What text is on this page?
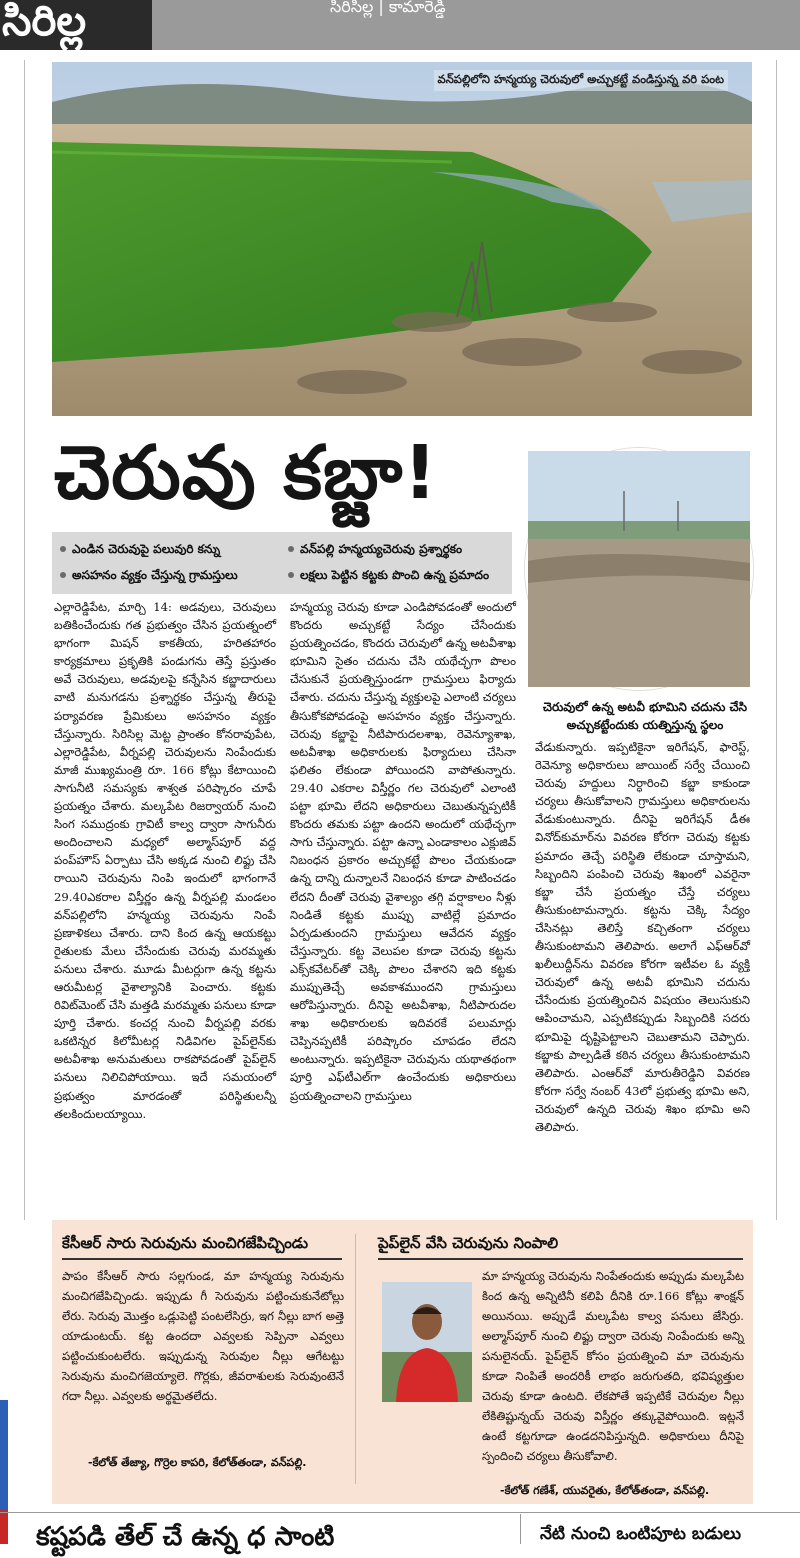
సిరిల్ల	సిరిసిల్ల | కామారెడ్డి
వన్‌పల్లిలోని హన్మయ్య చెరువులో అచ్చుకట్టే వండిస్తున్న వరి పంట
చెరువు కబ్జా!
చెరువులో ఉన్న అటవీ భూమిని చదును చేసి అచ్చుకట్టేందుకు యత్నిస్తున్న స్థలం
ఎండిన చెరువుపై పలువురి కన్ను	వన్‌పల్లి హన్మయ్యచెరువు ప్రశ్నార్థకం
అసహనం వ్యక్తం చేస్తున్న గ్రామస్తులు	లక్షలు పెట్టిన కట్టకు పొంచి ఉన్న ప్రమాదం
ఎల్లారెడ్డిపేట, మార్చి 14: అడవులు, చెరువులు బతికించేందుకు గత ప్రభుత్వం చేసిన ప్రయత్నంలో భాగంగా మిషన్ కాకతీయ, హరితహారం కార్యక్రమాలు ప్రకృతికి పండుగను తెస్తే ప్రస్తుతం అవే చెరువులు, అడవులపై కన్నేసిన కబ్జాదారులు వాటి మనుగడను ప్రశ్నార్థకం చేస్తున్న తీరుపై పర్యావరణ ప్రేమికులు అసహనం వ్యక్తం చేస్తున్నారు. సిరిసిల్ల మెట్ట ప్రాంతం కోనరావుపేట, ఎల్లారెడ్డిపేట, వీర్నపల్లి చెరువులను నింపేందుకు మాజీ ముఖ్యమంత్రి రూ. 166 కోట్లు కేటాయించి సాగునీటి సమస్యకు శాశ్వత పరిష్కారం చూపే ప్రయత్నం చేశారు. మల్కపేట రిజర్వాయర్ నుంచి సింగ సముద్రంకు గ్రావిటీ కాల్వ ద్వారా సాగునీరు అందించాలని మధ్యలో అల్మాస్‌పూర్ వద్ద పంప్‌హౌస్ ఏర్పాటు చేసి అక్కడ నుంచి లిఫ్టు చేసి రాయిని చెరువును నింపి ఇందులో భాగంగానే 29.40ఎకరాల విస్తీర్ణం ఉన్న వీర్నపల్లి మండలం వన్‌పల్లిలోని హన్మయ్య చెరువును నింపే ప్రణాళికలు చేశారు. దాని కింద ఉన్న ఆయకట్టు రైతులకు మేలు చేసేందుకు చెరువు మరమ్మతు పనులు చేశారు. మూడు మీటర్లుగా ఉన్న కట్టను ఆరుమీటర్ల వైశాల్యానికి పెంచారు. కట్టకు రివిట్‌మెంట్ చేసి మత్తడి మరమ్మతు పనులు కూడా పూర్తి చేశారు. కంచర్ల నుంచి వీర్నపల్లి వరకు ఒకటిన్నర కిలోమీటర్ల నిడివిగల పైప్‌లైన్‌కు అటవీశాఖ అనుమతులు రాకపోవడంతో పైప్‌లైన్ పనులు నిలిచిపోయాయి. ఇదే సమయంలో ప్రభుత్వం మారడంతో పరిస్థితులన్నీ తలకిందులయ్యాయి.
హన్మయ్య చెరువు కూడా ఎండిపోవడంతో అందులో కొందరు అచ్చుకట్టే సేద్యం చేసేందుకు ప్రయత్నించడం, కొందరు చెరువులో ఉన్న అటవీశాఖ భూమిని సైతం చదును చేసి యథేచ్ఛగా పొలం చేసుకునే ప్రయత్నిస్తుండగా గ్రామస్తులు ఫిర్యాదు చేశారు. చదును చేస్తున్న వ్యక్తులపై ఎలాంటి చర్యలు తీసుకోకపోవడంపై అసహనం వ్యక్తం చేస్తున్నారు. చెరువు కబ్జాపై నీటిపారుదలశాఖ, రెవెన్యూశాఖ, అటవీశాఖ అధికారులకు ఫిర్యాదులు చేసినా ఫలితం లేకుండా పోయిందని వాపోతున్నారు. 29.40 ఎకరాల విస్తీర్ణం గల చెరువులో ఎలాంటి పట్టా భూమి లేదని అధికారులు చెబుతున్నప్పటికీ కొందరు తమకు పట్టా ఉందని అందులో యథేచ్ఛగా సాగు చేస్తున్నారు. పట్టా ఉన్నా ఎండాకాలం ఎక్లుజివ్ నిబంధన ప్రకారం అచ్చుకట్టే పొలం చేయకుండా ఉన్న దాన్ని దున్నాలనే నిబంధన కూడా పాటించడం లేదని దీంతో చెరువు వైశాల్యం తగ్గి వర్షాకాలం నీళ్లు నిండితే కట్టకు ముప్పు వాటిల్లే ప్రమాదం ఏర్పడుతుందని గ్రామస్తులు ఆవేదన వ్యక్తం చేస్తున్నారు. కట్ట వెలుపల కూడా చెరువు కట్టను ఎక్స్‌కవేటర్‌తో చెక్కి పొలం చేశారని ఇది కట్టకు ముప్పుతెచ్చే అవకాశముందని గ్రామస్తులు ఆరోపిస్తున్నారు. దీనిపై అటవీశాఖ, నీటిపారుదల శాఖ అధికారులకు ఇదివరకే పలుమార్లు చెప్పినప్పటికీ పరిష్కారం చూపడం లేదని అంటున్నారు. ఇప్పటికైనా చెరువును యథాతథంగా పూర్తి ఎఫ్‌టీఎల్‌గా ఉంచేందుకు అధికారులు ప్రయత్నించాలని గ్రామస్తులు
వేడుకున్నారు. ఇప్పటికైనా ఇరిగేషన్, ఫారెస్ట్, రెవెన్యూ అధికారులు జాయింట్ సర్వే చేయించి చెరువు హద్దులు నిర్ధారించి కబ్జా కాకుండా చర్యలు తీసుకోవాలని గ్రామస్తులు అధికారులను వేడుకుంటున్నారు. దీనిపై ఇరిగేషన్ డీఈ వినోద్‌కుమార్‌ను వివరణ కోరగా చెరువు కట్టకు ప్రమాదం తెచ్చే పరిస్థితి లేకుండా చూస్తామని, సిబ్బందిని పంపించి చెరువు శిఖంలో ఎవరైనా కబ్జా చేసే ప్రయత్నం చేస్తే చర్యలు తీసుకుంటామన్నారు. కట్టను చెక్కి సేద్యం చేసినట్లు తెలిస్తే కచ్చితంగా చర్యలు తీసుకుంటామని తెలిపారు. అలాగే ఎఫ్‌ఆర్‌వో ఖలీలుద్దీన్‌ను వివరణ కోరగా ఇటీవల ఓ వ్యక్తి చెరువులో ఉన్న అటవీ భూమిని చదును చేసేందుకు ప్రయత్నించిన విషయం తెలుసుకుని ఆపించామని, ఎప్పటికప్పుడు సిబ్బందికి సదరు భూమిపై దృష్టిపెట్టాలని చెబుతామని చెప్పారు. కబ్జాకు పాల్పడితే కఠిన చర్యలు తీసుకుంటామని తెలిపారు. ఎంఆర్‌వో మారుతీరెడ్డిని వివరణ కోరగా సర్వే నంబర్ 43లో ప్రభుత్వ భూమి అని, చెరువులో ఉన్నది చెరువు శిఖం భూమి అని తెలిపారు.
కేసీఆర్ సారు సెరువును మంచిగజేపిచ్చిండు
పాపం కేసీఆర్ సారు సల్లగుండ, మా హన్మయ్య సెరువును మంచిగజేపిచ్చిండు. ఇప్పుడు గీ సెరువును పట్టించుకునేటోల్లు లేరు. సెరువు మొత్తం ఒడ్లుపెట్టి పంటలేసిర్రు, ఇగ నీల్లు బాగ అత్తె యాడుంటయ్. కట్ట ఉందదా ఎవ్వలకు సెప్పినా ఎవ్వలు పట్టించుకుంటలేరు. ఇప్పుడున్న సెరువుల నీల్లు ఆగేటట్టు సెరువును మంచిగజెయ్యాలె. గొర్లకు, జీవరాశులకు సెరువుంటెనే గదా నీల్లు. ఎవ్వలకు అర్థమైతలేదు.
-కేలోత్ తేజ్యా, గొర్రెల కాపరి, కేలోత్‌తండా, వన్‌పల్లి.
పైప్‌లైన్ వేసి చెరువును నింపాలి
మా హన్మయ్య చెరువును నింపేతందుకు అప్పుడు మల్కపేట కింద ఉన్న అన్నిటినీ కలిపి దీనికి రూ.166 కోట్లు శాంక్షన్ అయినయి. అప్పుడే మల్కపేట కాల్వ పనులు జేసిర్రు. అల్మాస్‌పూర్ నుంచి లిఫ్టు ద్వారా చెరువు నింపేందుకు అన్ని పనులైనయ్. పైప్‌లైన్ కోసం ప్రయత్నించి మా చెరువును కూడా నింపితే అందరికీ లాభం జరుగుతది, భవిష్యత్తుల చెరువు కూడా ఉంటది. లేకపోతే ఇప్పటికే చెరువుల నీల్లు లేకితిష్టున్నయ్ చెరువు విస్తీర్ణం తక్కువైపోయింది. ఇట్లనే ఉంటే కట్టగూడా ఉండదనిపిస్తున్నది. అధికారులు దీనిపై స్పందించి చర్యలు తీసుకోవాలి.
-కేలోత్ గణేశ్, యువరైతు, కేలోత్‌తండా, వన్‌పల్లి.
కష్టపడి తేల్ చే ఉన్న ధ సాంటి	నేటి నుంచి ఒంటిపూట బడులు
